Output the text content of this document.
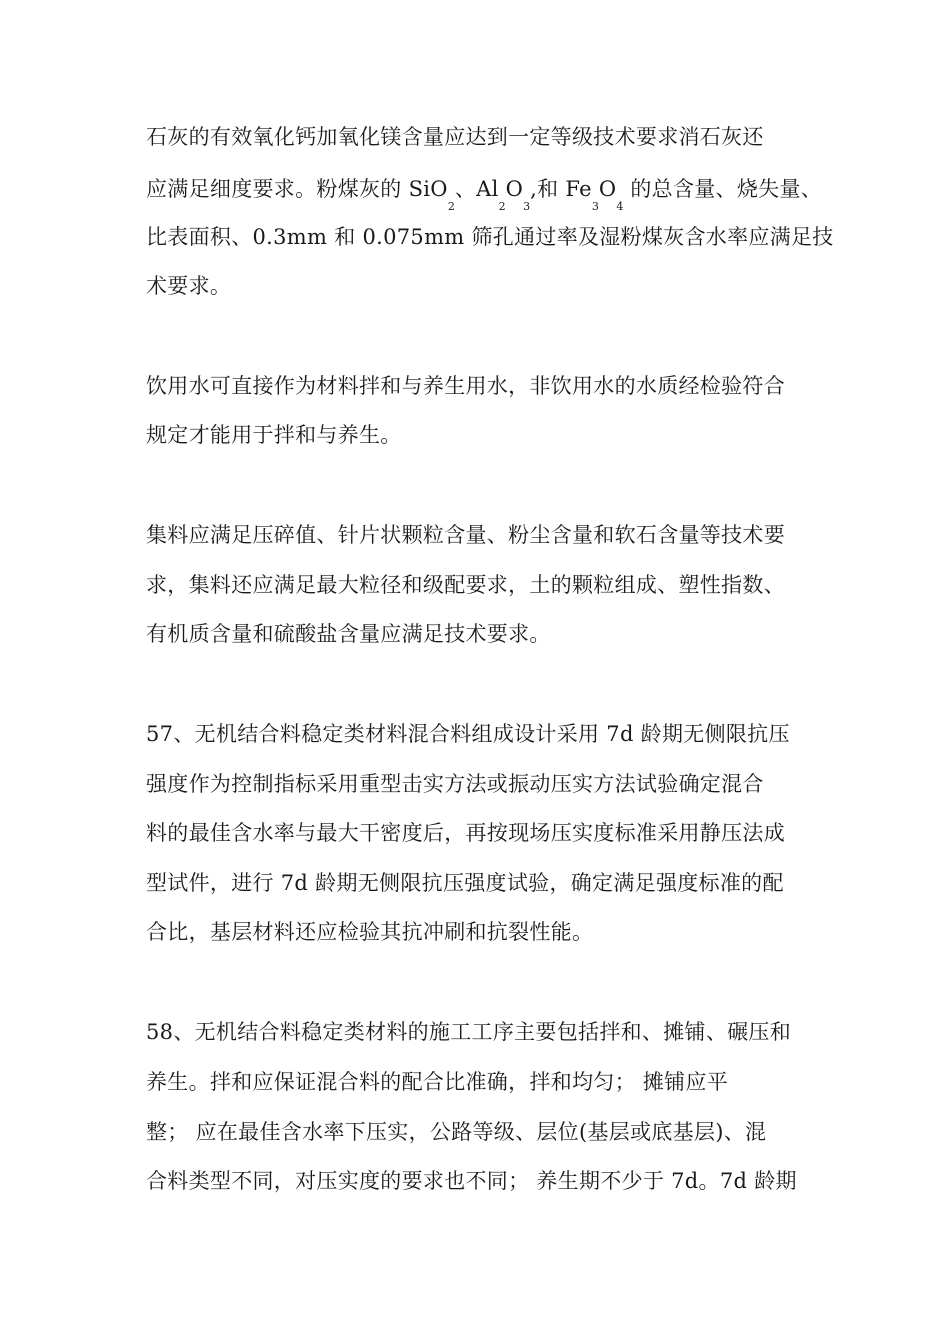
石灰的有效氧化钙加氧化镁含量应达到一定等级技术要求消石灰还
应满足细度要求。粉煤灰的 SiO$_2$、$Al_2O_3$,和 $Fe_3O_4$ 的总含量、烧失量、
比表面积、0.3mm 和 0.075mm 筛孔通过率及湿粉煤灰含水率应满足技
术要求。
饮用水可直接作为材料拌和与养生用水，非饮用水的水质经检验符合
规定才能用于拌和与养生。
集料应满足压碎值、针片状颗粒含量、粉尘含量和软石含量等技术要
求，集料还应满足最大粒径和级配要求，土的颗粒组成、塑性指数、
有机质含量和硫酸盐含量应满足技术要求。
57、无机结合料稳定类材料混合料组成设计采用 7d 龄期无侧限抗压
强度作为控制指标采用重型击实方法或振动压实方法试验确定混合
料的最佳含水率与最大干密度后，再按现场压实度标准采用静压法成
型试件，进行 7d 龄期无侧限抗压强度试验，确定满足强度标准的配
合比，基层材料还应检验其抗冲刷和抗裂性能。
58、无机结合料稳定类材料的施工工序主要包括拌和、摊铺、碾压和
养生。拌和应保证混合料的配合比准确，拌和均匀； 摊铺应平
整； 应在最佳含水率下压实，公路等级、层位(基层或底基层)、混
合料类型不同，对压实度的要求也不同； 养生期不少于 7d。7d 龄期
